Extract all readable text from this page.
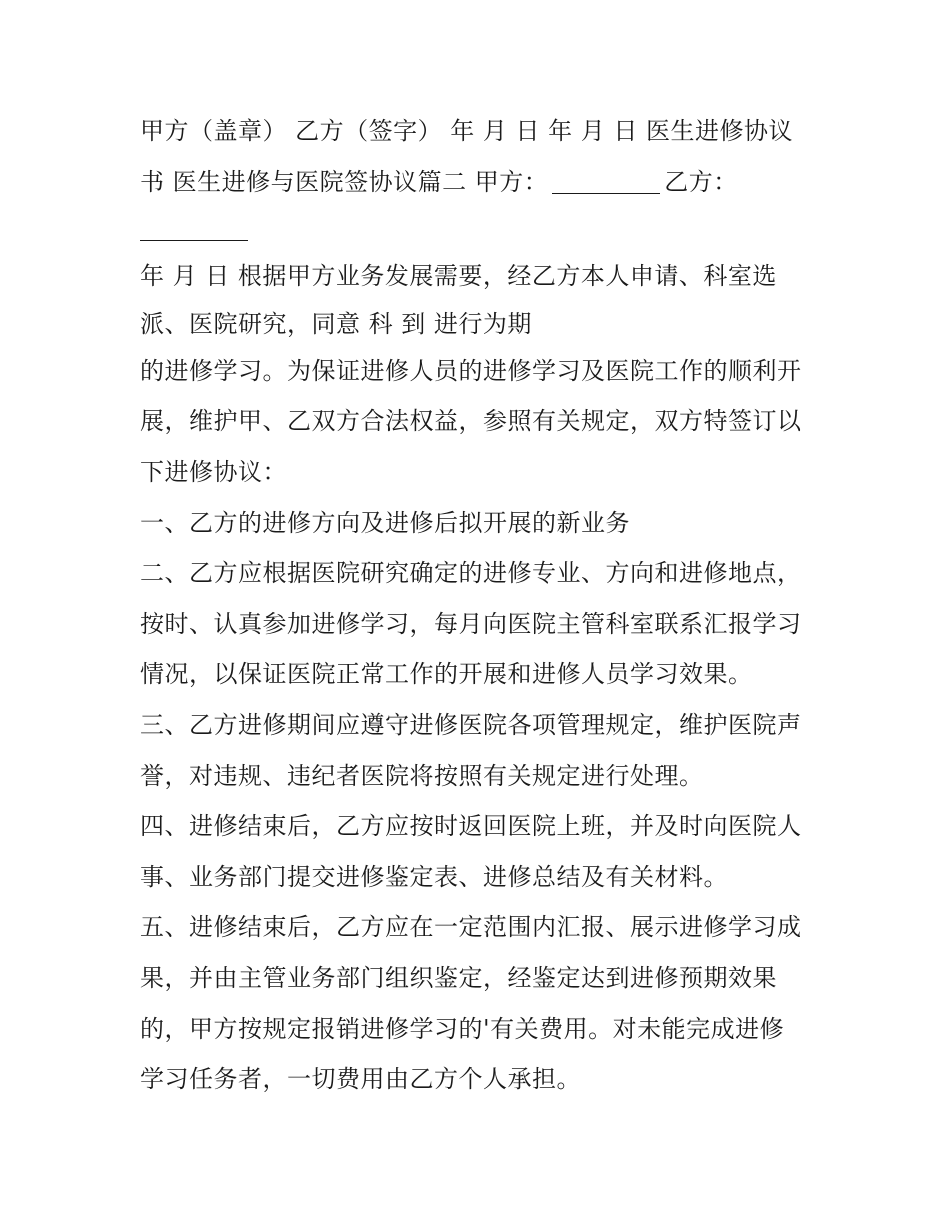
甲方（盖章） 乙方（签字） 年 月 日 年 月 日 医生进修协议
书 医生进修与医院签协议篇二 甲方：	乙方：
年 月 日 根据甲方业务发展需要，经乙方本人申请、科室选
派、医院研究，同意 科 到 进行为期
的进修学习。为保证进修人员的进修学习及医院工作的顺利开
展，维护甲、乙双方合法权益，参照有关规定，双方特签订以
下进修协议：
一、乙方的进修方向及进修后拟开展的新业务
二、乙方应根据医院研究确定的进修专业、方向和进修地点，
按时、认真参加进修学习，每月向医院主管科室联系汇报学习
情况，以保证医院正常工作的开展和进修人员学习效果。
三、乙方进修期间应遵守进修医院各项管理规定，维护医院声
誉，对违规、违纪者医院将按照有关规定进行处理。
四、进修结束后，乙方应按时返回医院上班，并及时向医院人
事、业务部门提交进修鉴定表、进修总结及有关材料。
五、进修结束后，乙方应在一定范围内汇报、展示进修学习成
果，并由主管业务部门组织鉴定，经鉴定达到进修预期效果
的，甲方按规定报销进修学习的'有关费用。对未能完成进修
学习任务者，一切费用由乙方个人承担。
